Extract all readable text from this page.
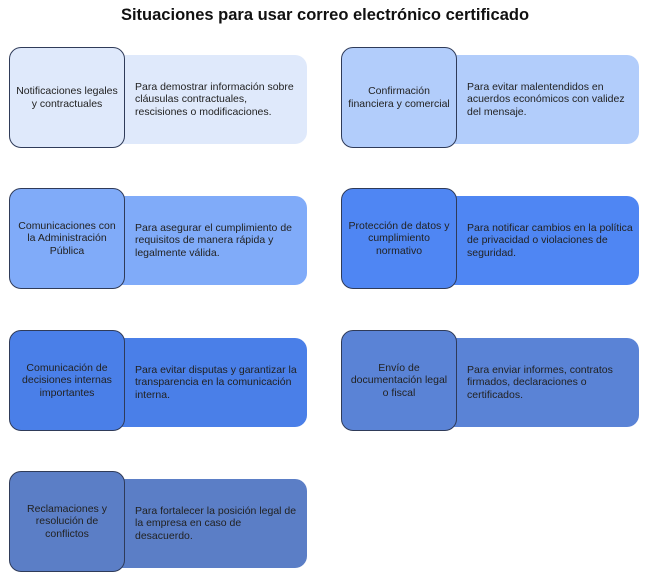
Situaciones para usar correo electrónico certificado
Para demostrar información sobre cláusulas contractuales, rescisiones o modificaciones.
Notificaciones legales y contractuales
Para evitar malentendidos en acuerdos económicos con validez del mensaje.
Confirmación financiera y comercial
Para asegurar el cumplimiento de requisitos de manera rápida y legalmente válida.
Comunicaciones con la Administración Pública
Para notificar cambios en la política de privacidad o violaciones de seguridad.
Protección de datos y cumplimiento normativo
Para evitar disputas y garantizar la transparencia en la comunicación interna.
Comunicación de decisiones internas importantes
Para enviar informes, contratos firmados, declaraciones o certificados.
Envío de documentación legal o fiscal
Para fortalecer la posición legal de la empresa en caso de desacuerdo.
Reclamaciones y resolución de conflictos
